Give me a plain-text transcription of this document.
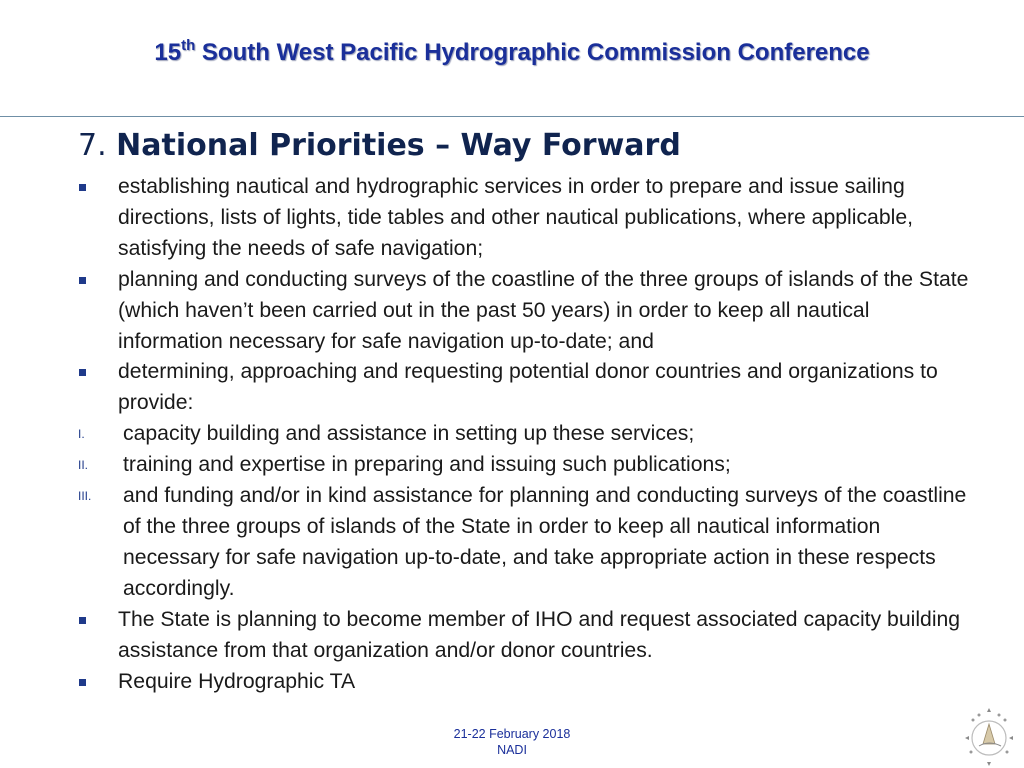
15th South West Pacific Hydrographic Commission Conference
7. National Priorities – Way Forward
establishing nautical and hydrographic services in order to prepare and issue sailing directions, lists of lights, tide tables and other nautical publications, where applicable, satisfying the needs of safe navigation;
planning and conducting surveys of the coastline of the three groups of islands of the State (which haven’t been carried out in the past 50 years) in order to keep all nautical information necessary for safe navigation up-to-date; and
determining, approaching and requesting potential donor countries and organizations to provide:
I. capacity building and assistance in setting up these services;
II. training and expertise in preparing and issuing such publications;
III. and funding and/or in kind assistance for planning and conducting surveys of the coastline of the three groups of islands of the State in order to keep all nautical information necessary for safe navigation up-to-date, and take appropriate action in these respects accordingly.
The State is planning to become member of IHO and request associated capacity building assistance from that organization and/or donor countries.
Require Hydrographic TA
21-22 February 2018
NADI
